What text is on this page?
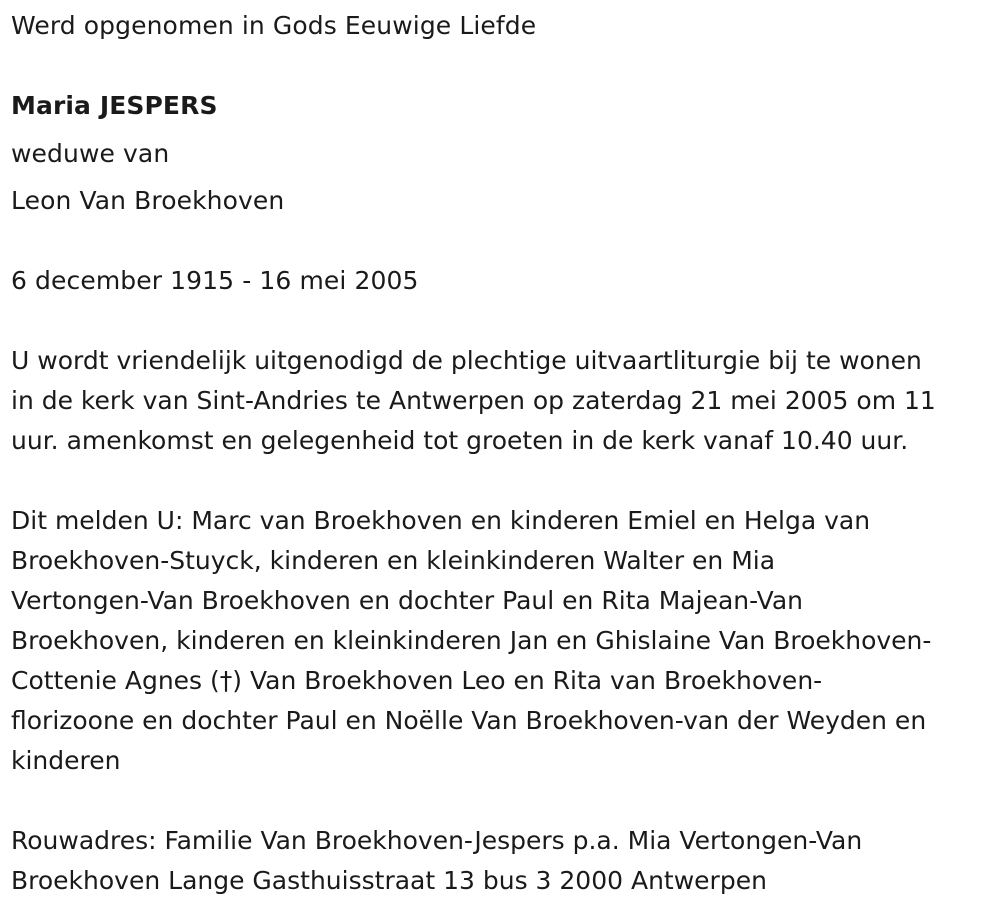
Werd opgenomen in Gods Eeuwige Liefde
Maria JESPERS
weduwe van
Leon Van Broekhoven
6 december 1915 - 16 mei 2005
U wordt vriendelijk uitgenodigd de plechtige uitvaartliturgie bij te wonen
in de kerk van Sint-Andries te Antwerpen op zaterdag 21 mei 2005 om 11
uur. amenkomst en gelegenheid tot groeten in de kerk vanaf 10.40 uur.
Dit melden U: Marc van Broekhoven en kinderen Emiel en Helga van
Broekhoven-Stuyck, kinderen en kleinkinderen Walter en Mia
Vertongen-Van Broekhoven en dochter Paul en Rita Majean-Van
Broekhoven, kinderen en kleinkinderen Jan en Ghislaine Van Broekhoven-
Cottenie Agnes (†) Van Broekhoven Leo en Rita van Broekhoven-
florizoone en dochter Paul en Noëlle Van Broekhoven-van der Weyden en
kinderen
Rouwadres: Familie Van Broekhoven-Jespers p.a. Mia Vertongen-Van
Broekhoven Lange Gasthuisstraat 13 bus 3 2000 Antwerpen
